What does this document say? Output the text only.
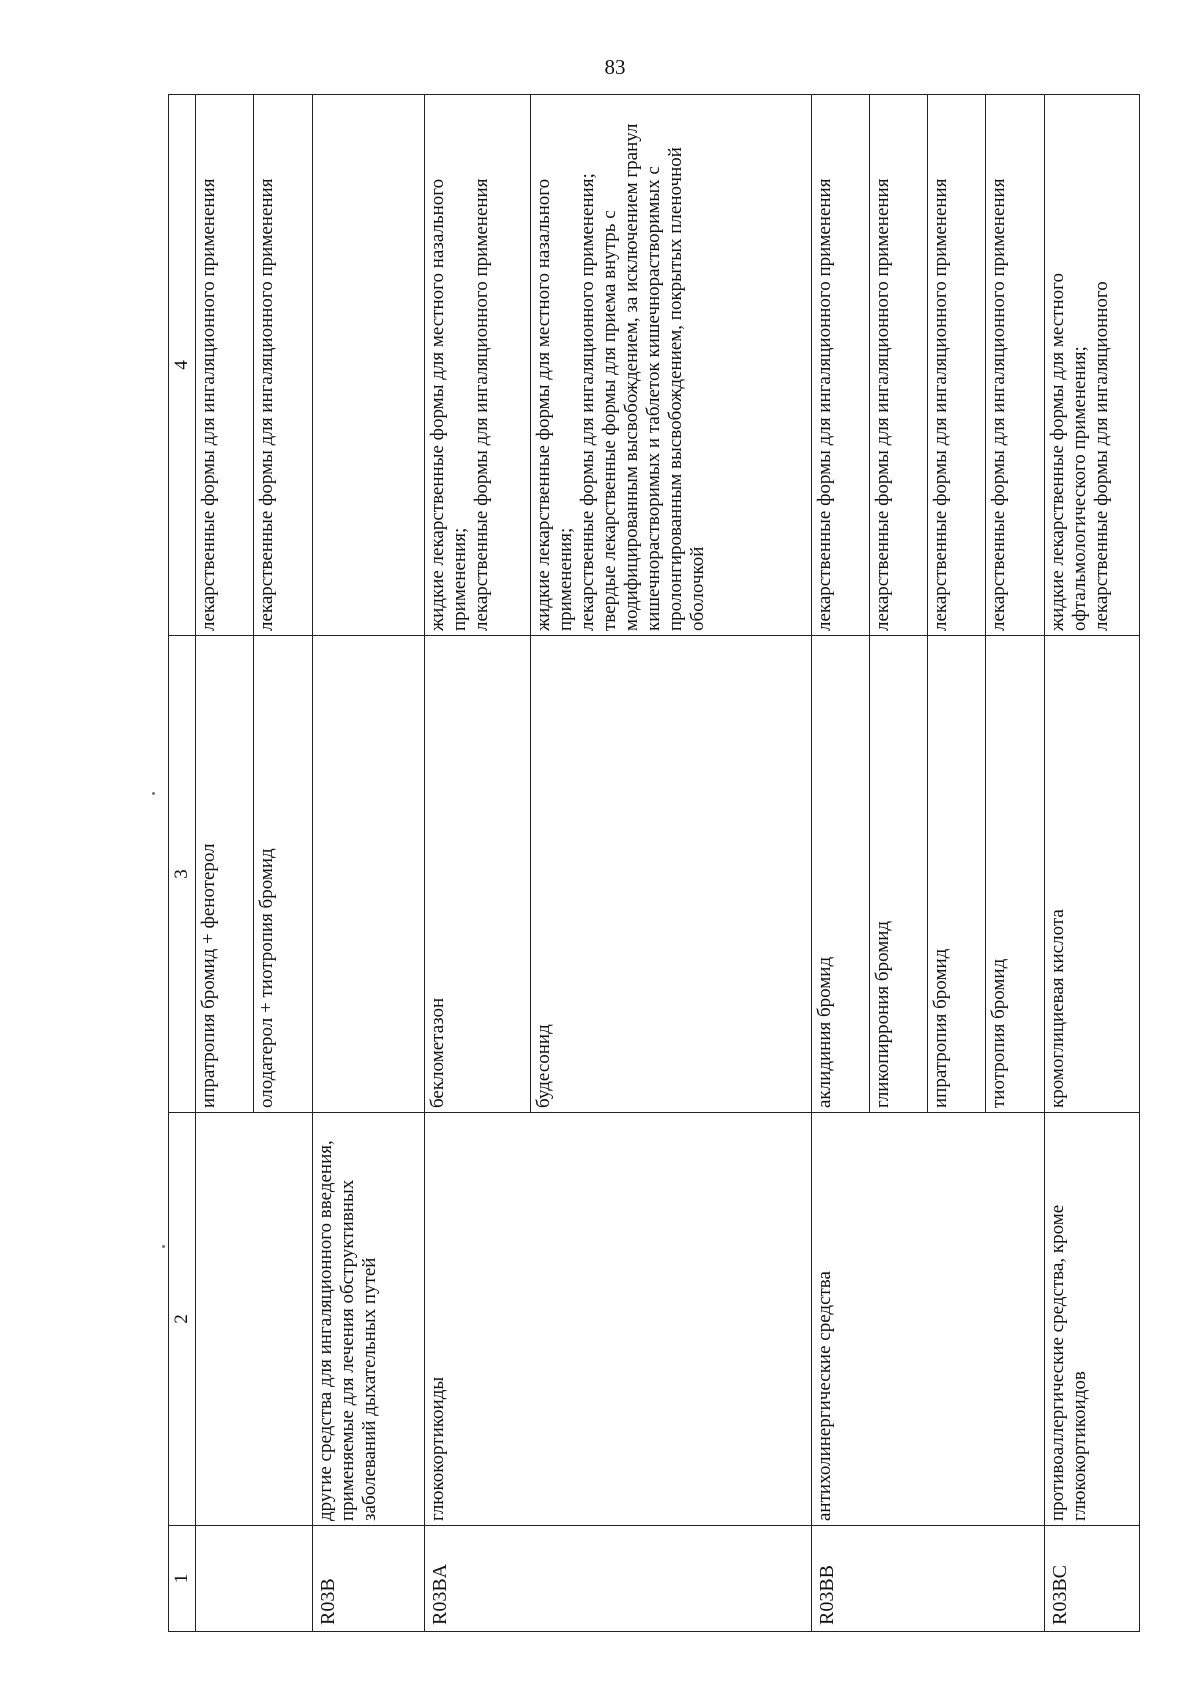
83
1	2	3	4
		ипратропия бромид + фенотерол	лекарственные формы для ингаляционного применения
		олодатерол + тиотропия бромид	лекарственные формы для ингаляционного применения
R03B	другие средства для ингаляционного введения, применяемые для лечения обструктивных заболеваний дыхательных путей		
R03BA	глюкокортикоиды	беклометазон	жидкие лекарственные формы для местного назального применения;
лекарственные формы для ингаляционного применения
		будесонид	жидкие лекарственные формы для местного назального применения;
лекарственные формы для ингаляционного применения;
твердые лекарственные формы для приема внутрь с модифицированным высвобождением, за исключением гранул кишечнорастворимых и таблеток кишечнорастворимых с пролонгированным высвобождением, покрытых пленочной оболочкой
R03BB	антихолинергические средства	аклидиния бромид	лекарственные формы для ингаляционного применения
		гликопиррония бромид	лекарственные формы для ингаляционного применения
		ипратропия бромид	лекарственные формы для ингаляционного применения
		тиотропия бромид	лекарственные формы для ингаляционного применения
R03BC	противоаллергические средства, кроме глюкокортикоидов	кромоглициевая кислота	жидкие лекарственные формы для местного офтальмологического применения;
лекарственные формы для ингаляционного
